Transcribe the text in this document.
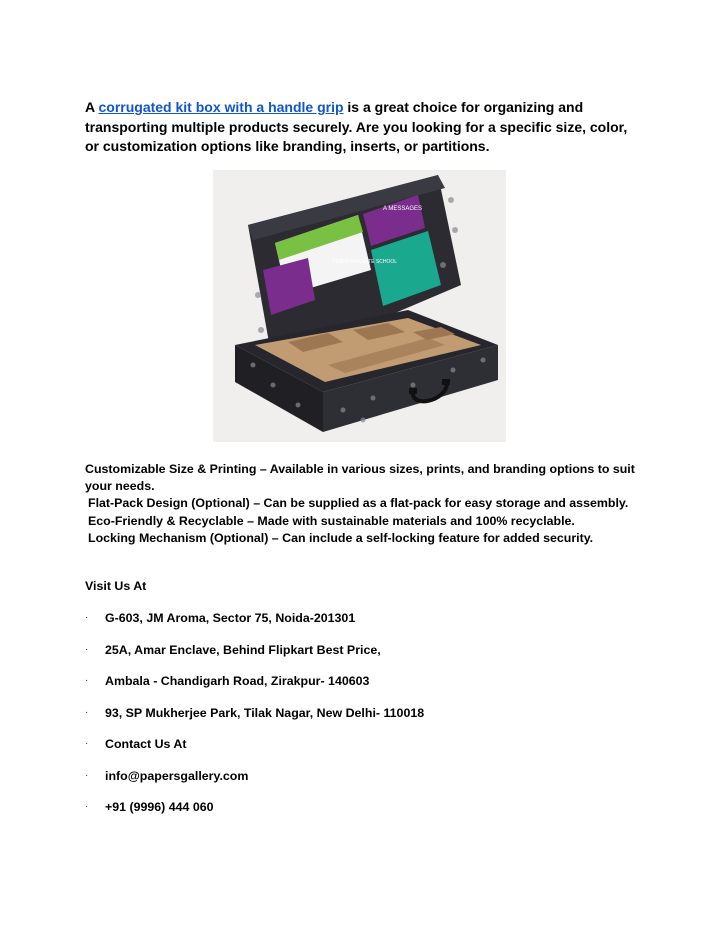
A corrugated kit box with a handle grip is a great choice for organizing and transporting multiple products securely. Are you looking for a specific size, color, or customization options like branding, inserts, or partitions.

A MESSAGES
FIND A FAVORITE SCHOOL

Customizable Size & Printing – Available in various sizes, prints, and branding options to suit your needs.

Flat-Pack Design (Optional) – Can be supplied as a flat-pack for easy storage and assembly.

Eco-Friendly & Recyclable – Made with sustainable materials and 100% recyclable.

Locking Mechanism (Optional) – Can include a self-locking feature for added security.

Visit Us At

·	G-603, JM Aroma, Sector 75, Noida-201301
·	25A, Amar Enclave, Behind Flipkart Best Price,
·	Ambala - Chandigarh Road, Zirakpur- 140603
·	93, SP Mukherjee Park, Tilak Nagar, New Delhi- 110018
·	Contact Us At
·	info@papersgallery.com
·	+91 (9996) 444 060
